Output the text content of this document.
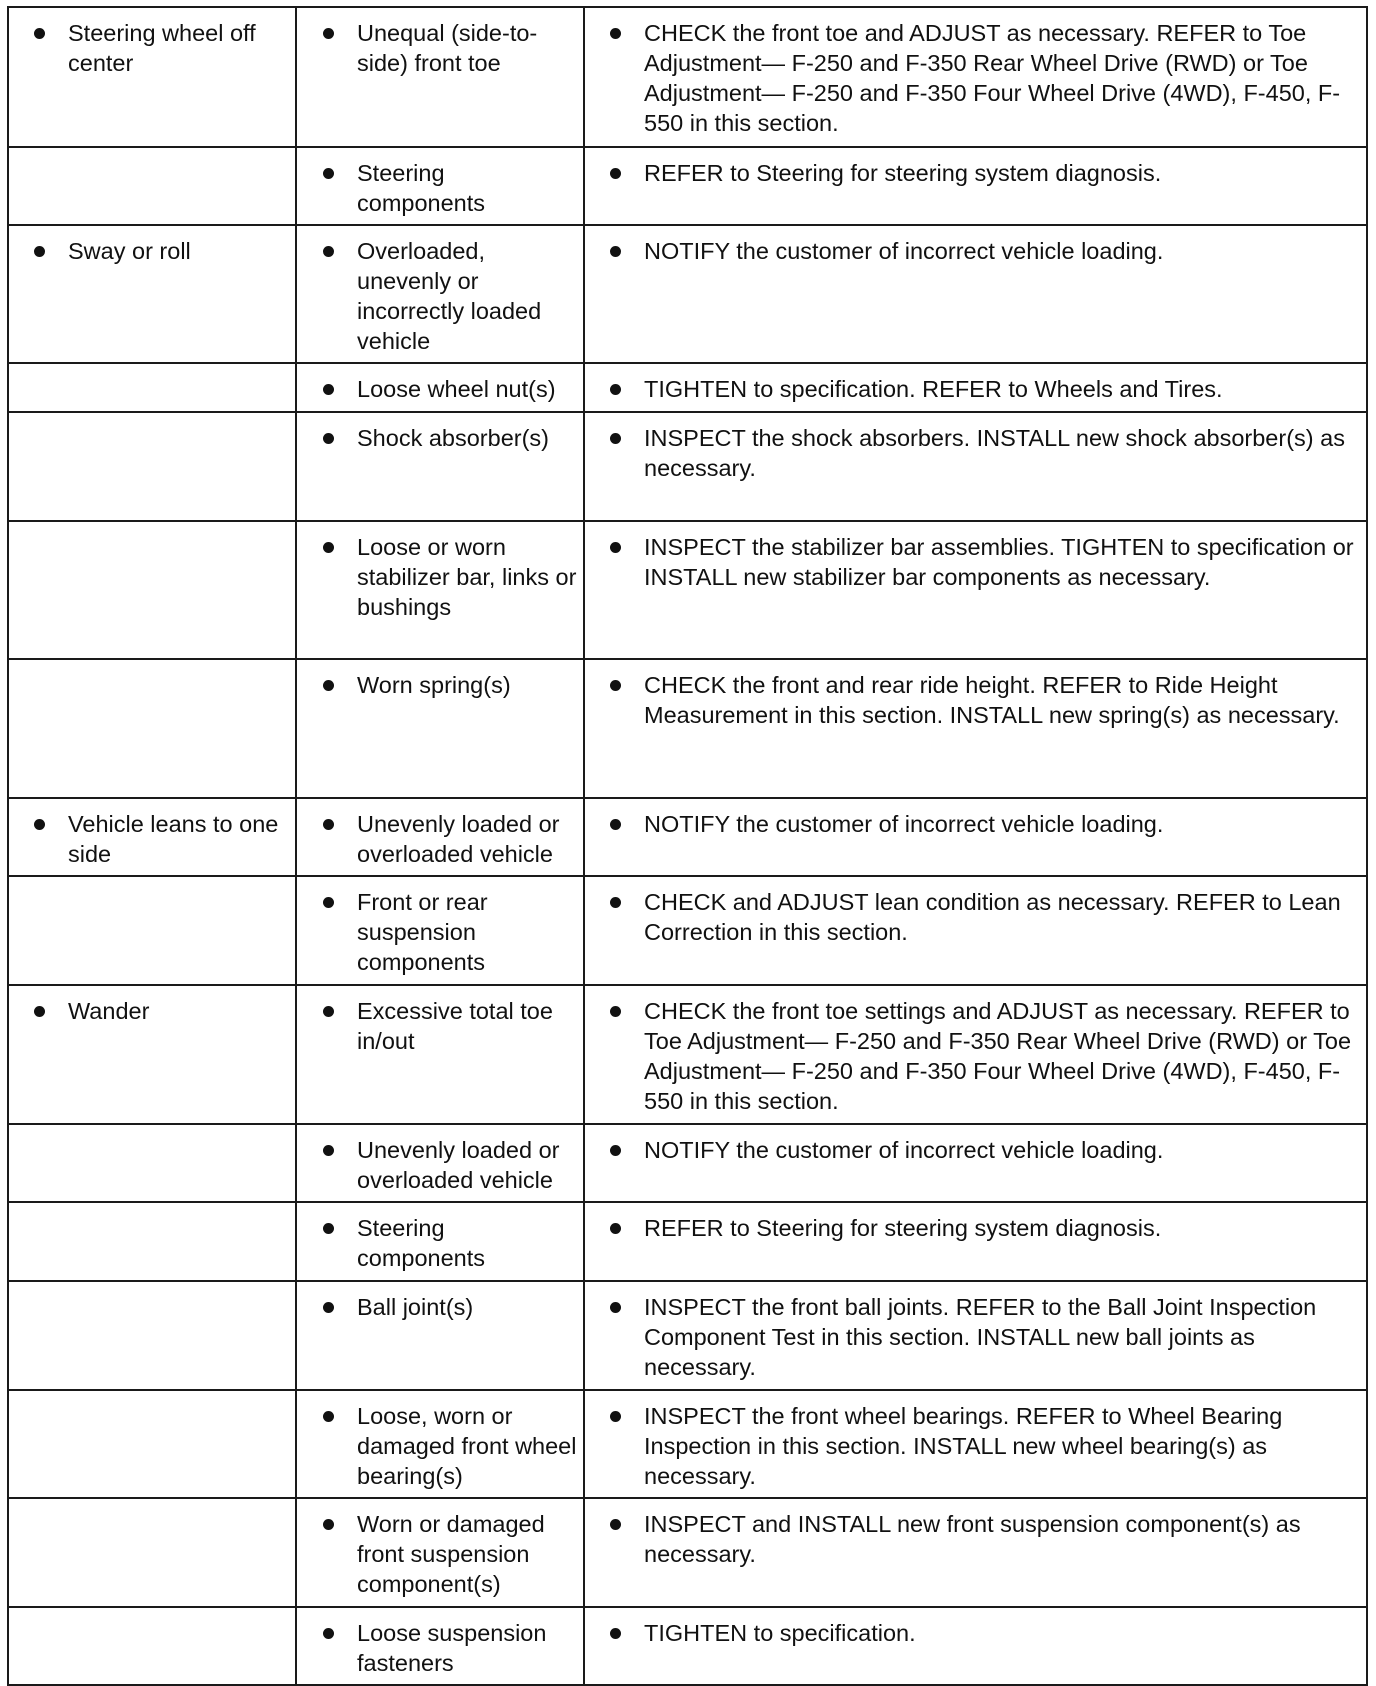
Steering wheel off center	Unequal (side-to-side) front toe	CHECK the front toe and ADJUST as necessary. REFER to Toe Adjustment— F-250 and F-350 Rear Wheel Drive (RWD) or Toe Adjustment— F-250 and F-350 Four Wheel Drive (4WD), F-450, F-550 in this section.

	Steering components	REFER to Steering for steering system diagnosis.

Sway or roll	Overloaded, unevenly or incorrectly loaded vehicle	NOTIFY the customer of incorrect vehicle loading.

	Loose wheel nut(s)	TIGHTEN to specification. REFER to Wheels and Tires.

	Shock absorber(s)	INSPECT the shock absorbers. INSTALL new shock absorber(s) as necessary.

	Loose or worn stabilizer bar, links or bushings	INSPECT the stabilizer bar assemblies. TIGHTEN to specification or INSTALL new stabilizer bar components as necessary.

	Worn spring(s)	CHECK the front and rear ride height. REFER to Ride Height Measurement in this section. INSTALL new spring(s) as necessary.

Vehicle leans to one side	Unevenly loaded or overloaded vehicle	NOTIFY the customer of incorrect vehicle loading.

	Front or rear suspension components	CHECK and ADJUST lean condition as necessary. REFER to Lean Correction in this section.

Wander	Excessive total toe in/out	CHECK the front toe settings and ADJUST as necessary. REFER to Toe Adjustment— F-250 and F-350 Rear Wheel Drive (RWD) or Toe Adjustment— F-250 and F-350 Four Wheel Drive (4WD), F-450, F-550 in this section.

	Unevenly loaded or overloaded vehicle	NOTIFY the customer of incorrect vehicle loading.

	Steering components	REFER to Steering for steering system diagnosis.

	Ball joint(s)	INSPECT the front ball joints. REFER to the Ball Joint Inspection Component Test in this section. INSTALL new ball joints as necessary.

	Loose, worn or damaged front wheel bearing(s)	INSPECT the front wheel bearings. REFER to Wheel Bearing Inspection in this section. INSTALL new wheel bearing(s) as necessary.

	Worn or damaged front suspension component(s)	INSPECT and INSTALL new front suspension component(s) as necessary.

	Loose suspension fasteners	TIGHTEN to specification.
